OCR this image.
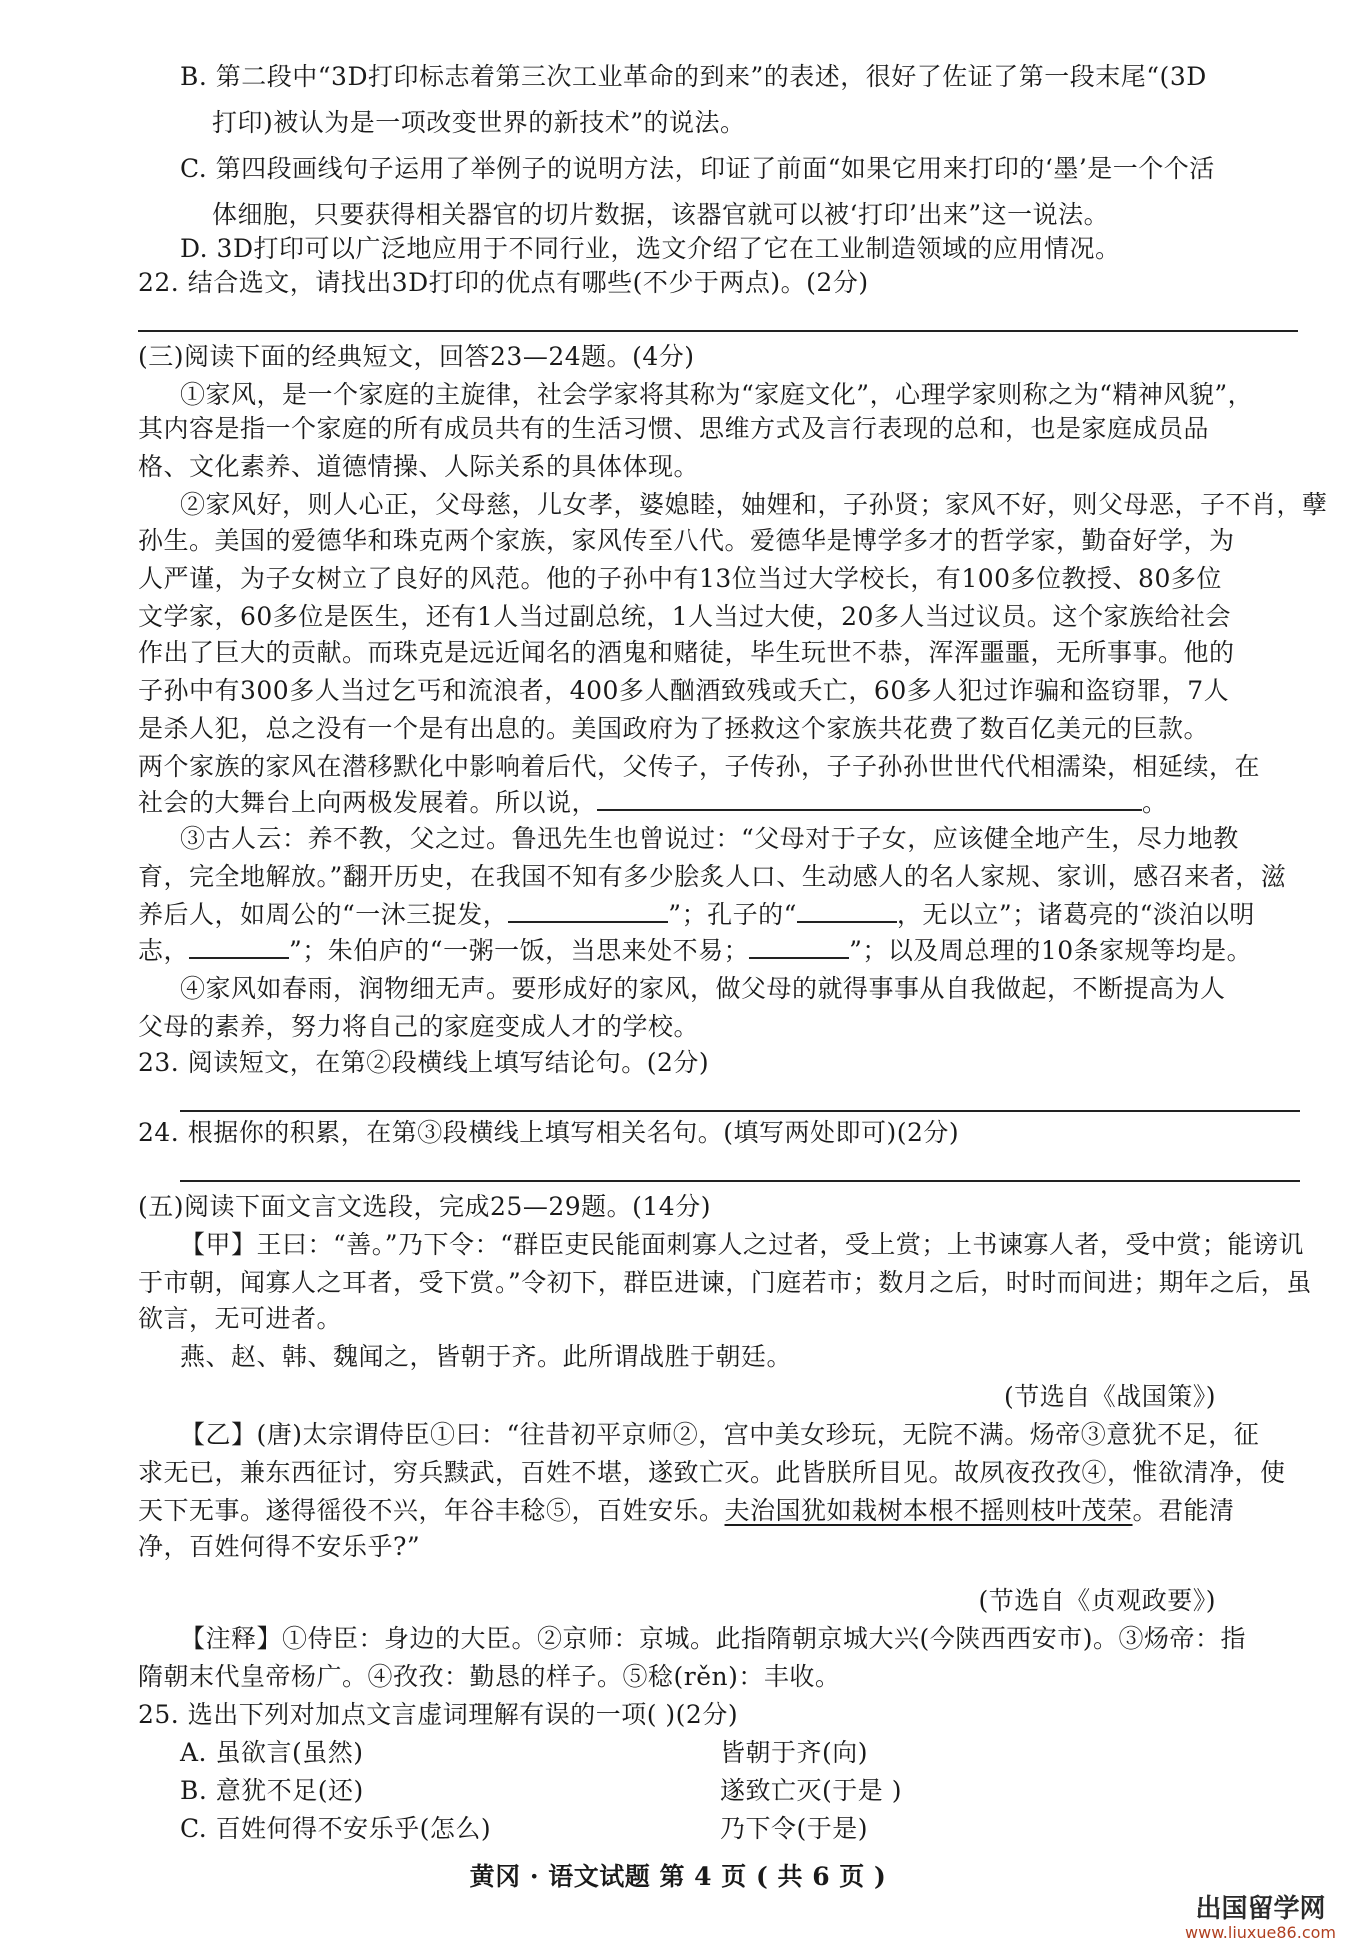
B. 第二段中“3D打印标志着第三次工业革命的到来”的表述，很好了佐证了第一段末尾“(3D
打印)被认为是一项改变世界的新技术”的说法。
C. 第四段画线句子运用了举例子的说明方法，印证了前面“如果它用来打印的‘墨’是一个个活
体细胞，只要获得相关器官的切片数据，该器官就可以被‘打印’出来”这一说法。
D. 3D打印可以广泛地应用于不同行业，选文介绍了它在工业制造领域的应用情况。
22. 结合选文，请找出3D打印的优点有哪些(不少于两点)。(2分)
(三)阅读下面的经典短文，回答23—24题。(4分)
①家风，是一个家庭的主旋律，社会学家将其称为“家庭文化”，心理学家则称之为“精神风貌”，
其内容是指一个家庭的所有成员共有的生活习惯、思维方式及言行表现的总和，也是家庭成员品
格、文化素养、道德情操、人际关系的具体体现。
②家风好，则人心正，父母慈，儿女孝，婆媳睦，妯娌和，子孙贤；家风不好，则父母恶，子不肖，孽
孙生。美国的爱德华和珠克两个家族，家风传至八代。爱德华是博学多才的哲学家，勤奋好学，为
人严谨，为子女树立了良好的风范。他的子孙中有13位当过大学校长，有100多位教授、80多位
文学家，60多位是医生，还有1人当过副总统，1人当过大使，20多人当过议员。这个家族给社会
作出了巨大的贡献。而珠克是远近闻名的酒鬼和赌徒，毕生玩世不恭，浑浑噩噩，无所事事。他的
子孙中有300多人当过乞丐和流浪者，400多人酗酒致残或夭亡，60多人犯过诈骗和盗窃罪，7人
是杀人犯，总之没有一个是有出息的。美国政府为了拯救这个家族共花费了数百亿美元的巨款。
两个家族的家风在潜移默化中影响着后代，父传子，子传孙，子子孙孙世世代代相濡染，相延续，在
社会的大舞台上向两极发展着。所以说，	。
③古人云：养不教，父之过。鲁迅先生也曾说过：“父母对于子女，应该健全地产生，尽力地教
育，完全地解放。”翻开历史，在我国不知有多少脍炙人口、生动感人的名人家规、家训，感召来者，滋
养后人，如周公的“一沐三捉发，	”；孔子的“	，无以立”；诸葛亮的“淡泊以明
志，	”；朱伯庐的“一粥一饭，当思来处不易；	”；以及周总理的10条家规等均是。
④家风如春雨，润物细无声。要形成好的家风，做父母的就得事事从自我做起，不断提高为人
父母的素养，努力将自己的家庭变成人才的学校。
23. 阅读短文，在第②段横线上填写结论句。(2分)
24. 根据你的积累，在第③段横线上填写相关名句。(填写两处即可)(2分)
(五)阅读下面文言文选段，完成25—29题。(14分)
【甲】王曰：“善。”乃下令：“群臣吏民能面刺寡人之过者，受上赏；上书谏寡人者，受中赏；能谤讥
于市朝，闻寡人之耳者，受下赏。”令初下，群臣进谏，门庭若市；数月之后，时时而间进；期年之后，虽
欲言，无可进者。
燕、赵、韩、魏闻之，皆朝于齐。此所谓战胜于朝廷。
(节选自《战国策》)
【乙】(唐)太宗谓侍臣①曰：“往昔初平京师②，宫中美女珍玩，无院不满。炀帝③意犹不足，征
求无已，兼东西征讨，穷兵黩武，百姓不堪，遂致亡灭。此皆朕所目见。故夙夜孜孜④，惟欲清净，使
天下无事。遂得徭役不兴，年谷丰稔⑤，百姓安乐。夫治国犹如栽树本根不摇则枝叶茂荣。君能清
净，百姓何得不安乐乎?”
(节选自《贞观政要》)
【注释】①侍臣：身边的大臣。②京师：京城。此指隋朝京城大兴(今陕西西安市)。③炀帝：指
隋朝末代皇帝杨广。④孜孜：勤恳的样子。⑤稔(rěn)：丰收。
25. 选出下列对加点文言虚词理解有误的一项( )(2分)
A. 虽欲言(虽然)	皆朝于齐(向)
B. 意犹不足(还)	遂致亡灭(于是 )
C. 百姓何得不安乐乎(怎么)	乃下令(于是)
黄冈 · 语文试题 第 4 页 ( 共 6 页 )
出国留学网
www.liuxue86.com
